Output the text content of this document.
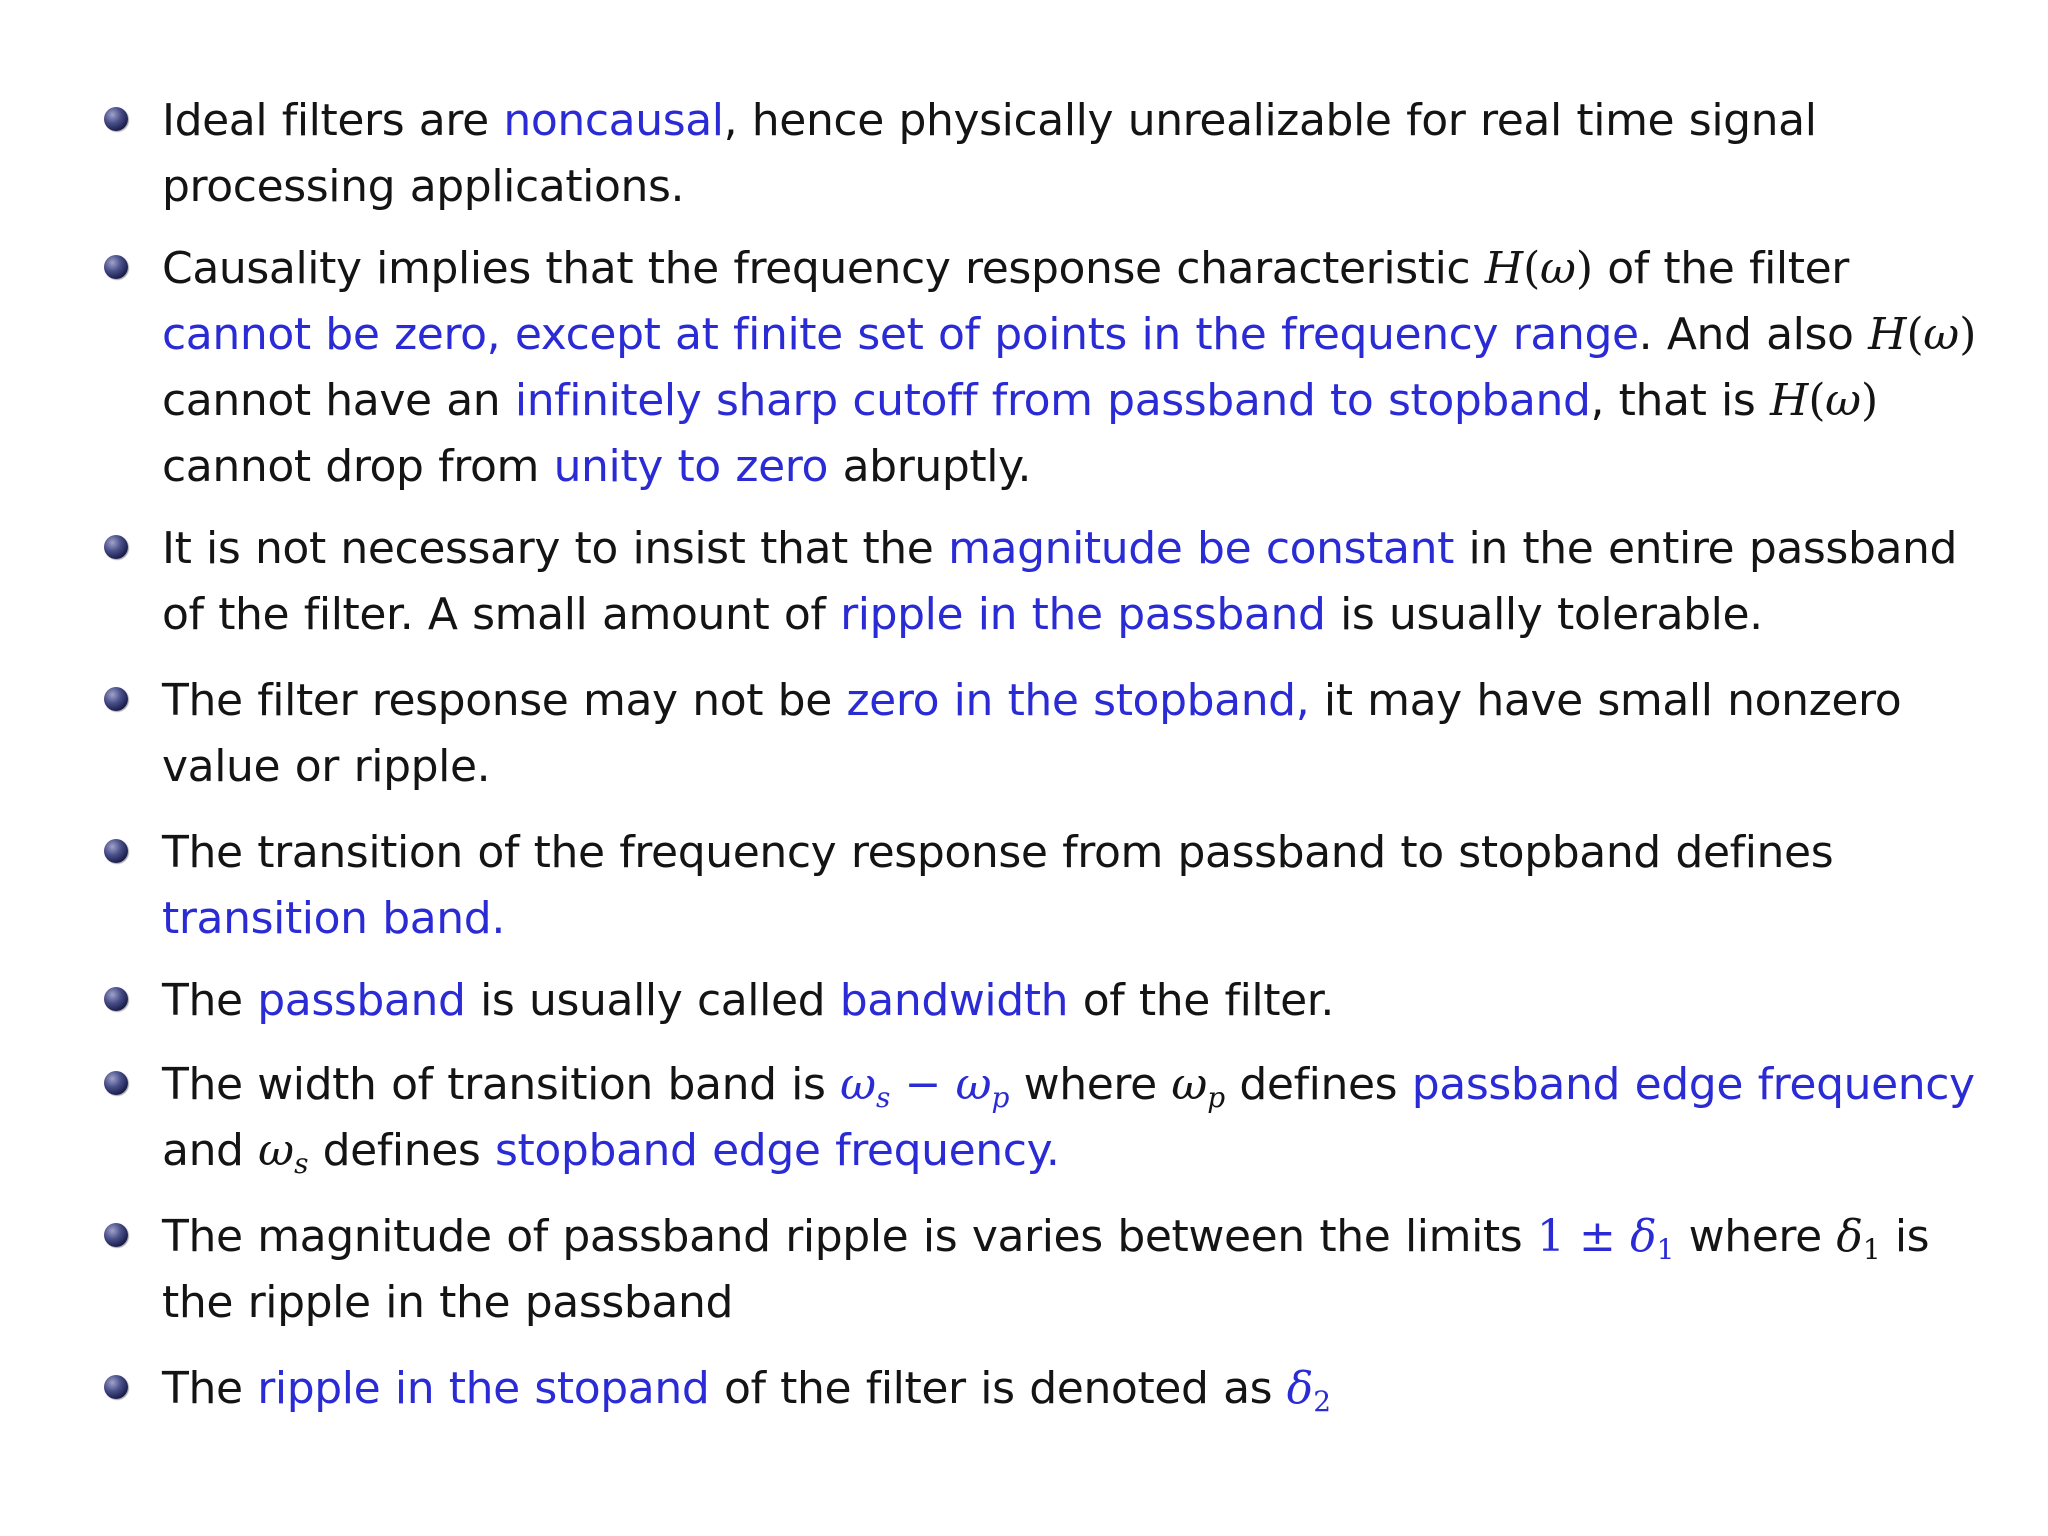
Ideal filters are noncausal, hence physically unrealizable for real time signal processing applications.
Causality implies that the frequency response characteristic H(ω) of the filter cannot be zero, except at finite set of points in the frequency range. And also H(ω) cannot have an infinitely sharp cutoff from passband to stopband, that is H(ω) cannot drop from unity to zero abruptly.
It is not necessary to insist that the magnitude be constant in the entire passband of the filter. A small amount of ripple in the passband is usually tolerable.
The filter response may not be zero in the stopband, it may have small nonzero value or ripple.
The transition of the frequency response from passband to stopband defines transition band.
The passband is usually called bandwidth of the filter.
The width of transition band is $\omega_s - \omega_p$ where $\omega_p$ defines passband edge frequency and $\omega_s$ defines stopband edge frequency.
The magnitude of passband ripple is varies between the limits $1 \pm \delta_1$ where $\delta_1$ is the ripple in the passband
The ripple in the stopand of the filter is denoted as $\delta_2$
